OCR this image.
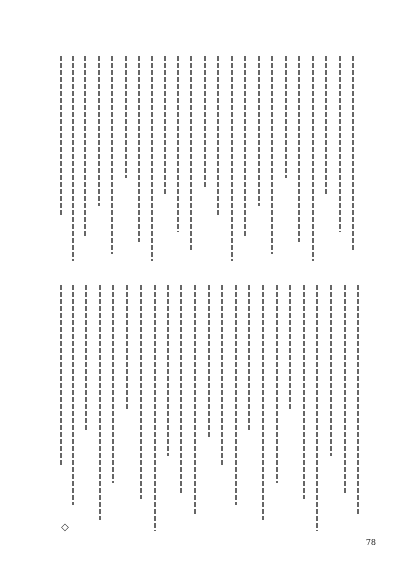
◇
78
